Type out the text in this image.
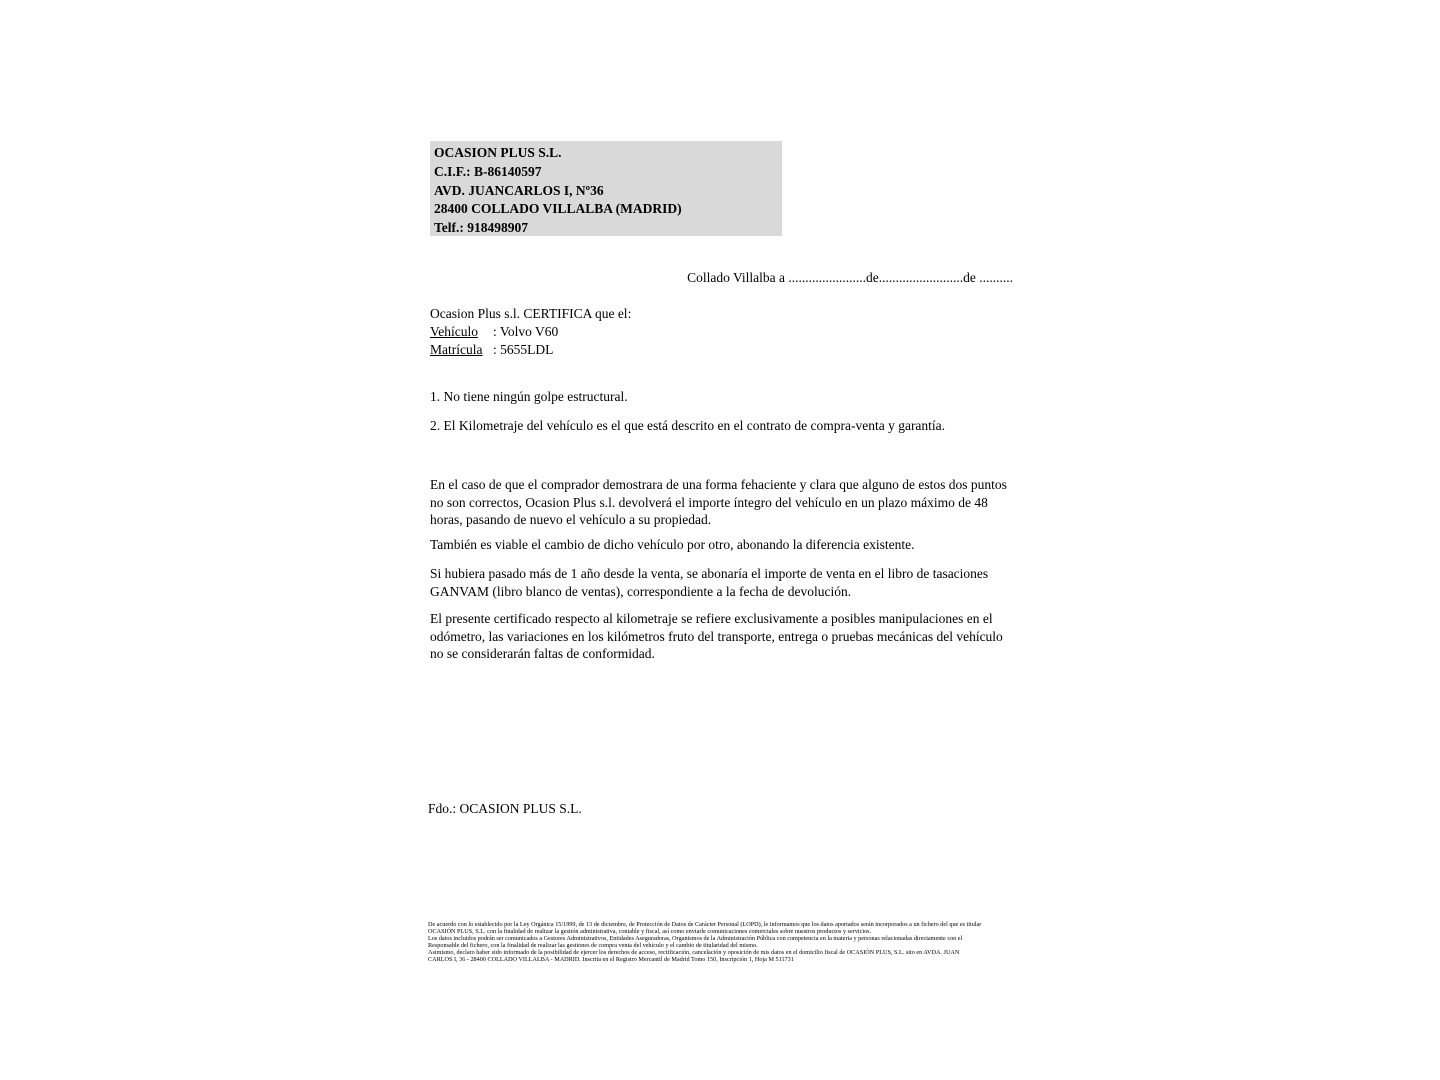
OCASION PLUS S.L.
C.I.F.: B-86140597
AVD. JUANCARLOS I, Nº36
28400 COLLADO VILLALBA (MADRID)
Telf.: 918498907
Collado Villalba a .......................de.........................de ..........
Ocasion Plus s.l. CERTIFICA que el:
Vehículo : Volvo V60
Matrícula : 5655LDL
1. No tiene ningún golpe estructural.
2. El Kilometraje del vehículo es el que está descrito en el contrato de compra-venta y garantía.
En el caso de que el comprador demostrara de una forma fehaciente y clara que alguno de estos dos puntos no son correctos, Ocasion Plus s.l. devolverá el importe íntegro del vehículo en un plazo máximo de 48 horas, pasando de nuevo el vehículo a su propiedad.
También es viable el cambio de dicho vehículo por otro, abonando la diferencia existente.
Si hubiera pasado más de 1 año desde la venta, se abonaría el importe de venta en el libro de tasaciones GANVAM (libro blanco de ventas), correspondiente a la fecha de devolución.
El presente certificado respecto al kilometraje se refiere exclusivamente a posibles manipulaciones en el odómetro, las variaciones en los kilómetros fruto del transporte, entrega o pruebas mecánicas del vehículo no se considerarán faltas de conformidad.
Fdo.: OCASION PLUS S.L.
De acuerdo con lo establecido por la Ley Orgánica 15/1999, de 13 de diciembre, de Protección de Datos de Carácter Personal (LOPD), le informamos que los datos aportados serán incorporados a un fichero del que es titular
OCASIÓN PLUS, S.L. con la finalidad de realizar la gestión administrativa, contable y fiscal, así como enviarle comunicaciones comerciales sobre nuestros productos y servicios.
Los datos incluidos podrán ser comunicados a Gestores Administrativos, Entidades Aseguradoras, Organismos de la Administración Pública con competencia en la materia y personas relacionadas directamente con el
Responsable del fichero, con la finalidad de realizar las gestiones de compra venta del vehículo y el cambio de titularidad del mismo.
Asimismo, declaro haber sido informado de la posibilidad de ejercer los derechos de acceso, rectificación, cancelación y oposición de mis datos en el domicilio fiscal de OCASIÓN PLUS, S.L. sito en AVDA. JUAN
CARLOS I, 36 - 28400 COLLADO VILLALBA - MADRID. Inscrita en el Registro Mercantil de Madrid Tomo 150, Inscripción 1, Hoja M 511731
